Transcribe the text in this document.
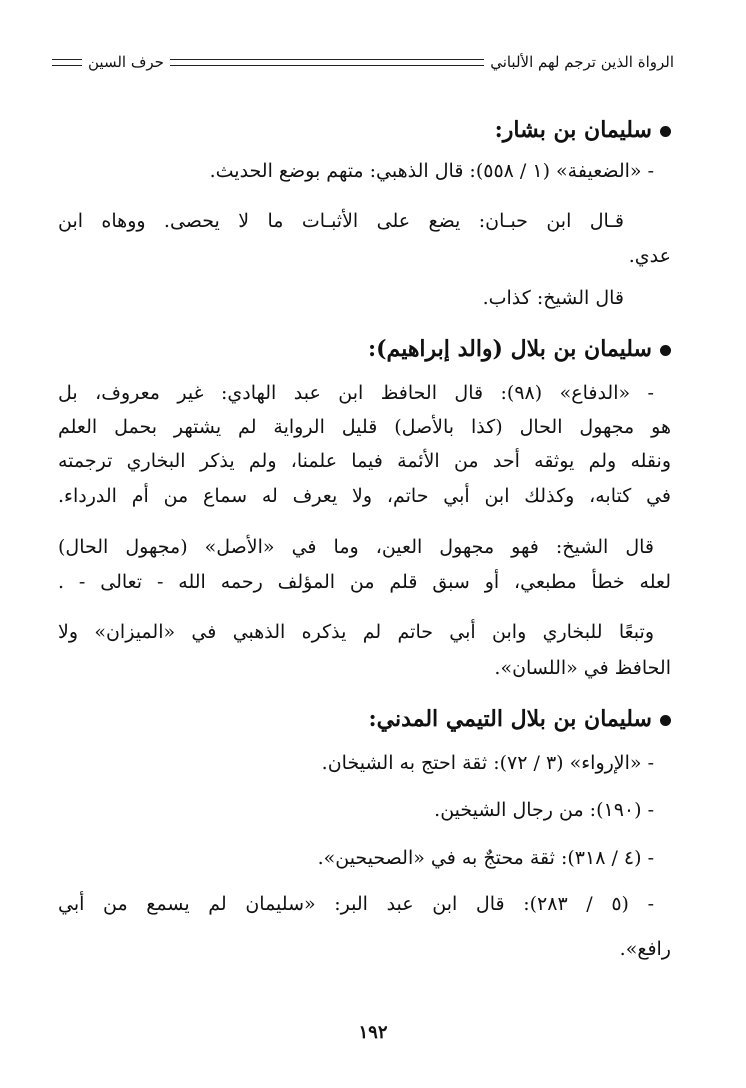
الرواة الذين ترجم لهم الألباني
حرف السين
سليمان بن بشار:
- «الضعيفة» (١ / ٥٥٨): قال الذهبي: متهم بوضع الحديث.
قـال ابن حبـان: يضع على الأثبـات ما لا يحصى. ووهاه ابن
عدي.
قال الشيخ: كذاب.
سليمان بن بلال (والد إبراهيم):
- «الدفاع» (٩٨): قال الحافظ ابن عبد الهادي: غير معروف، بل
هو مجهول الحال (كذا بالأصل) قليل الرواية لم يشتهر بحمل العلم
ونقله ولم يوثقه أحد من الأئمة فيما علمنا، ولم يذكر البخاري ترجمته
في كتابه، وكذلك ابن أبي حاتم، ولا يعرف له سماع من أم الدرداء.
قال الشيخ: فهو مجهول العين، وما في «الأصل» (مجهول الحال)
لعله خطأ مطبعي، أو سبق قلم من المؤلف رحمه الله - تعالى - .
وتبعًا للبخاري وابن أبي حاتم لم يذكره الذهبي في «الميزان» ولا
الحافظ في «اللسان».
سليمان بن بلال التيمي المدني:
- «الإرواء» (٣ / ٧٢): ثقة احتج به الشيخان.
- (١٩٠): من رجال الشيخين.
- (٤ / ٣١٨): ثقة محتجٌ به في «الصحيحين».
- (٥ / ٢٨٣): قال ابن عبد البر: «سليمان لم يسمع من أبي
رافع».
١٩٢
